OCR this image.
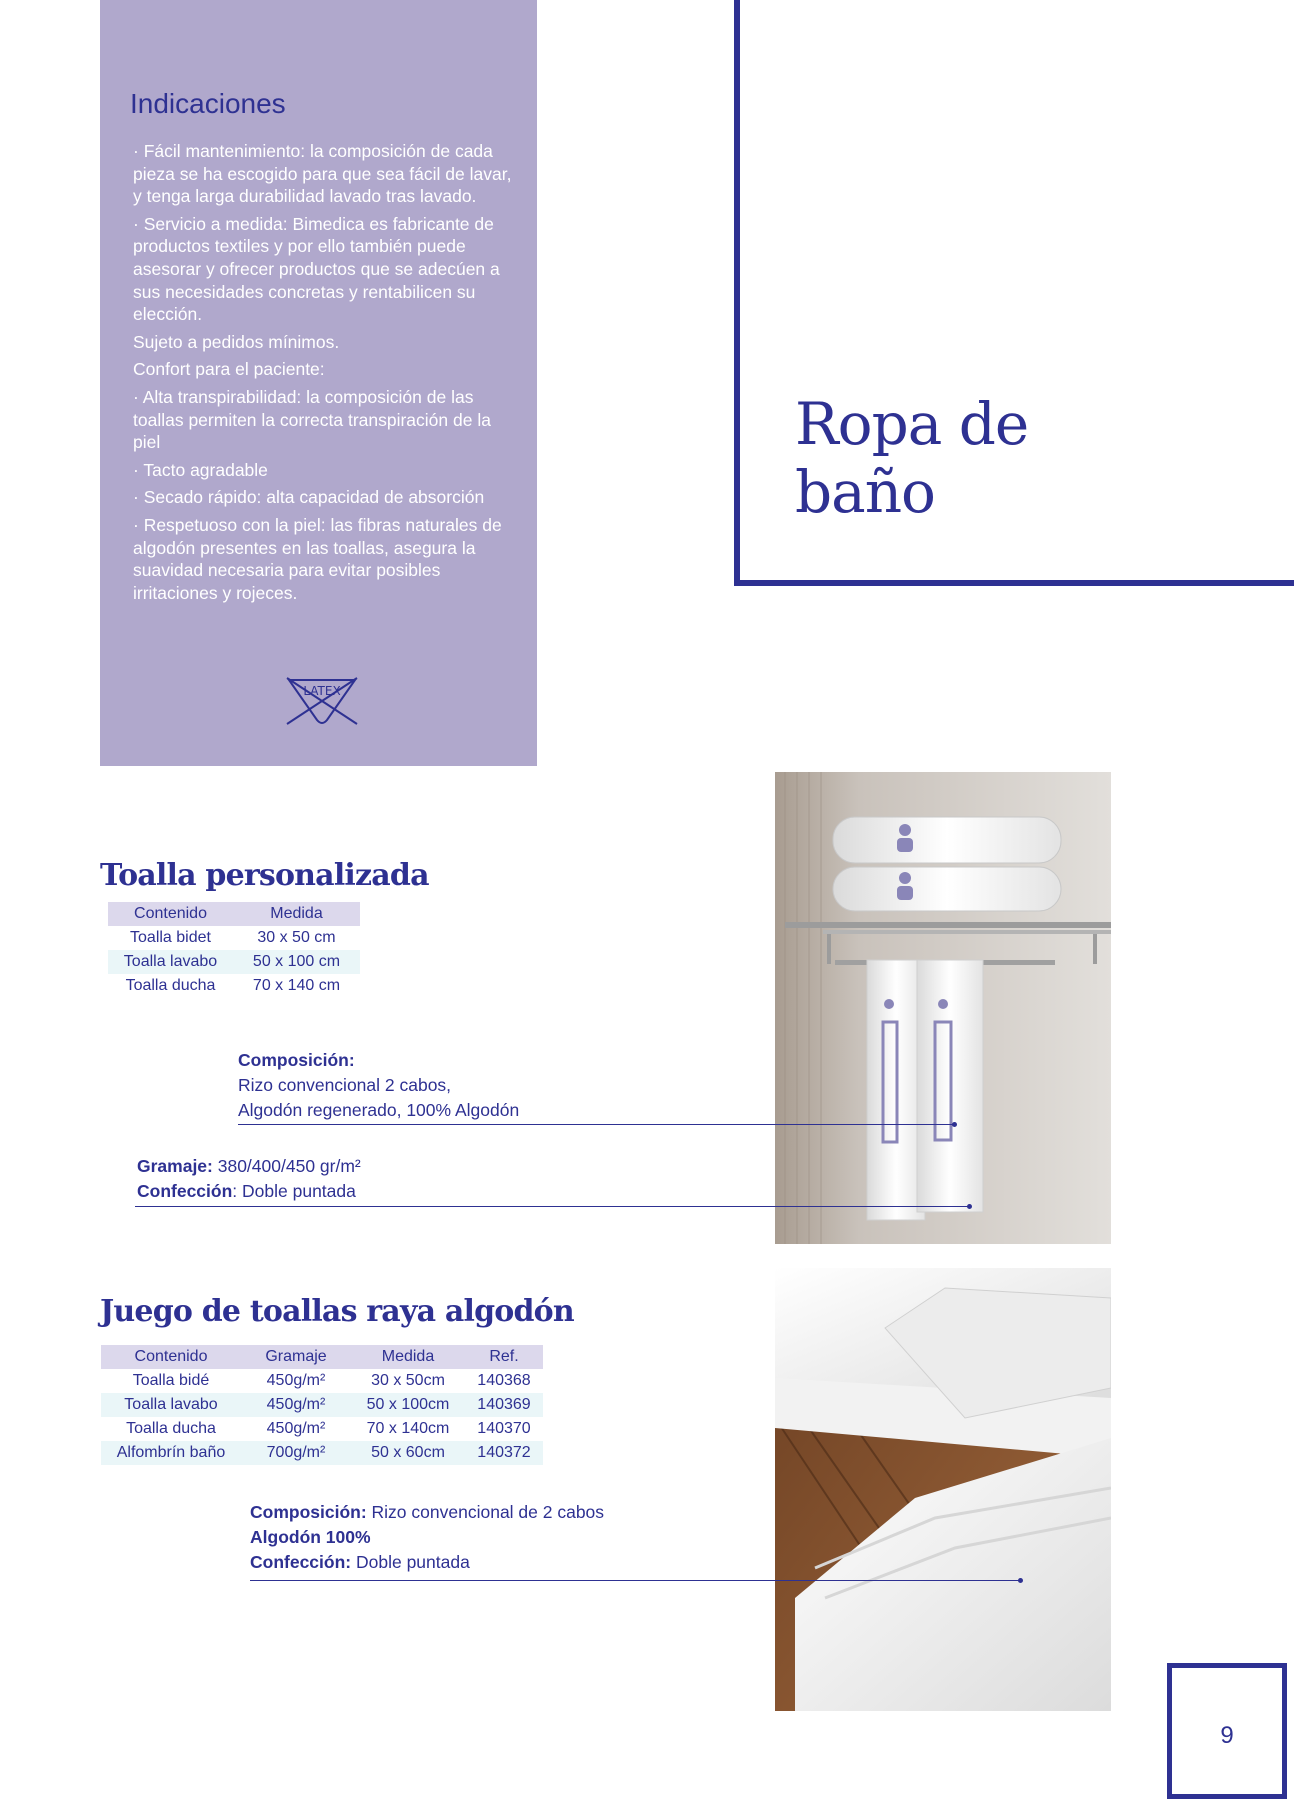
Indicaciones
· Fácil mantenimiento: la composición de cada pieza se ha escogido para que sea fácil de lavar, y tenga larga durabilidad lavado tras lavado.
· Servicio a medida: Bimedica es fabricante de productos textiles y por ello también puede asesorar y ofrecer productos que se adecúen a sus necesidades concretas y rentabilicen su elección.
Sujeto a pedidos mínimos.
Confort para el paciente:
· Alta transpirabilidad: la composición de las toallas permiten la correcta transpiración de la piel
· Tacto agradable
· Secado rápido: alta capacidad de absorción
· Respetuoso con la piel: las fibras naturales de algodón presentes en las toallas, asegura la suavidad necesaria para evitar posibles irritaciones y rojeces.
LATEX
Ropa de
baño
Toalla personalizada
Contenido	Medida
Toalla bidet	30 x 50 cm
Toalla lavabo	50 x 100 cm
Toalla ducha	70 x 140 cm
Composición:
Rizo convencional 2 cabos,
Algodón regenerado, 100% Algodón
Gramaje: 380/400/450 gr/m²
Confección: Doble puntada
Juego de toallas raya algodón
Contenido	Gramaje	Medida	Ref.
Toalla bidé	450g/m²	30 x 50cm	140368
Toalla lavabo	450g/m²	50 x 100cm	140369
Toalla ducha	450g/m²	70 x 140cm	140370
Alfombrín baño	700g/m²	50 x 60cm	140372
Composición: Rizo convencional de 2 cabos
Algodón 100%
Confección: Doble puntada
9
